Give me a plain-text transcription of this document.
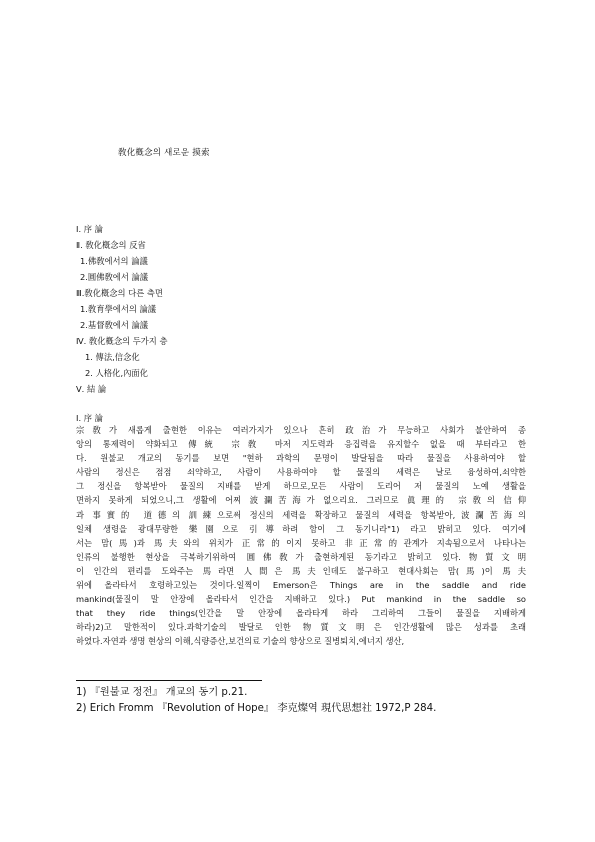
敎化槪念의 새로운 摸索
Ⅰ. 序 論
Ⅱ. 敎化槪念의 反省
1.佛敎에서의 論議
2.圓佛敎에서 論議
Ⅲ.敎化槪念의 다른 측면
1.敎育學에서의 論議
2.基督敎에서 論議
Ⅳ. 敎化槪念의 두가지 층
1. 傳法,信念化
2. 人格化,內面化
Ⅴ. 結 論
Ⅰ. 序 論
宗敎가 새롭게 출현한 이유는 여러가지가 있으나 흔히 政治가 무능하고 사회가 불안하여 종
앙의 통제력이 약화되고 傳統 宗敎 마저 지도력과 응집력을 유지할수 없을 때 부터라고 한
다. 원불교 개교의 동기를 보면 "현하 과학의 문명이 발달됨을 따라 물질을 사용하여야 할
사람의 정신은 점점 쇠약하고, 사람이 사용하여야 할 물질의 세력은 날로 융성하여,쇠약한
그 정신을 항복받아 물질의 지배를 받게 하므로,모든 사람이 도리어 저 물질의 노예 생활을
면하지 못하게 되었으니,그 생활에 어찌 波瀾苦海가 없으리요. 그러므로 眞理的 宗敎의 信仰
과 事實的 道德의 訓練으로써 정신의 세력을 확장하고 물질의 세력을 항복받아,波瀾苦海의
일체 생령을 광대무량한 樂園으로 引導하려 함이 그 동기니라"1) 라고 밝히고 있다. 여기에
서는 맘(馬)과 馬夫와의 위치가 正常的이지 못하고 非正常的관계가 지속됨으로서 나타나는
인류의 불행한 현상을 극복하기위하여 圓佛敎가 출현하게된 동기라고 밝히고 있다.物質文明
이 인간의 편리를 도와주는 馬라면 人間은 馬夫인데도 불구하고 현대사회는 맘(馬)이 馬夫
위에 올라타서 호령하고있는 것이다.일찍이 Emerson은 Things are in the saddle and ride
mankind(물질이 말 안장에 올라타서 인간을 지배하고 있다.) Put mankind in the saddle so
that they ride things(인간을 말 안장에 올라타게 하라 그리하여 그들이 물질을 지배하게
하라)2)고 말한적이 있다.과학기술의 발달로 인한 物質文明은 인간생활에 많은 성과를 초래
하였다.자연과 생명 현상의 이해,식량증산,보건의료 기술의 향상으로 질병퇴치,에너지 생산,
1) 『원불교 정전』 개교의 동기 p.21.
2) Erich Fromm 『Revolution of Hope』 李克燦역 現代思想社 1972,P 284.
